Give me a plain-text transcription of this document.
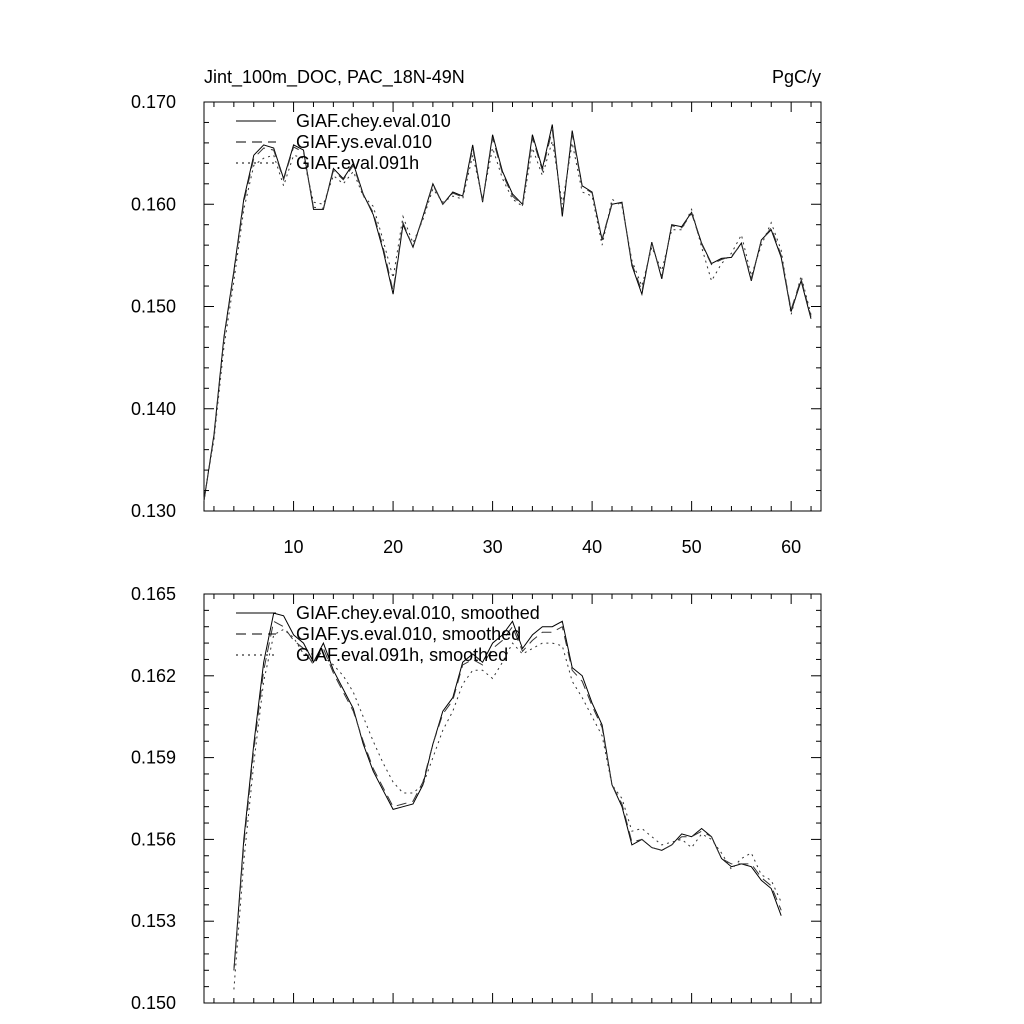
Jint_100m_DOC, PAC_18N-49N	PgC/y
10	20	30	40	50	60
0.130
0.140
0.150
0.160
0.170
GIAF.chey.eval.010
GIAF.ys.eval.010
GIAF.eval.091h
0.150
0.153
0.156
0.159
0.162
0.165
GIAF.chey.eval.010, smoothed
GIAF.ys.eval.010, smoothed
GIAF.eval.091h, smoothed
